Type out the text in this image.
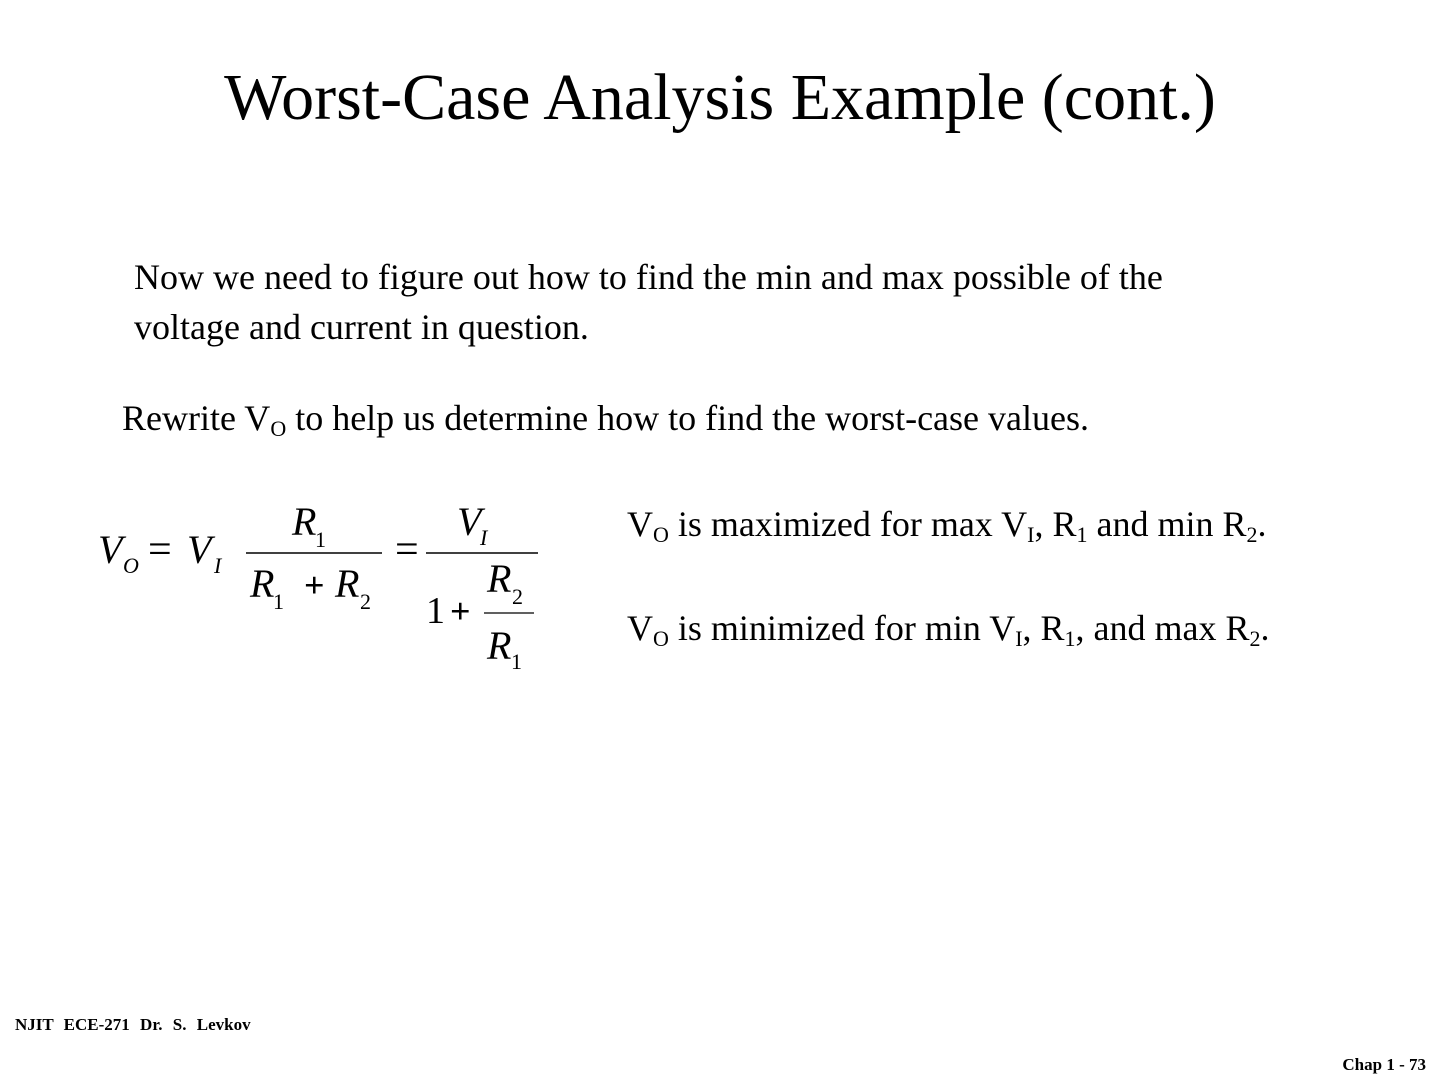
Worst-Case Analysis Example (cont.)
Now we need to figure out how to find the min and max possible of the
voltage and current in question.
Rewrite $V_O$ to help us determine how to find the worst-case values.
V O = V I
R
1
R
1 + R 2
=
V
I
1 +
R 2
R 1
$V_O$ is maximized for $\max V_I$, $R_1$ and $\min R_2$.
$V_O$ is minimized for $\min V_I$, $R_1$, and $\max R_2$.
NJIT ECE-271 Dr. S. Levkov
Chap 1 - 73
